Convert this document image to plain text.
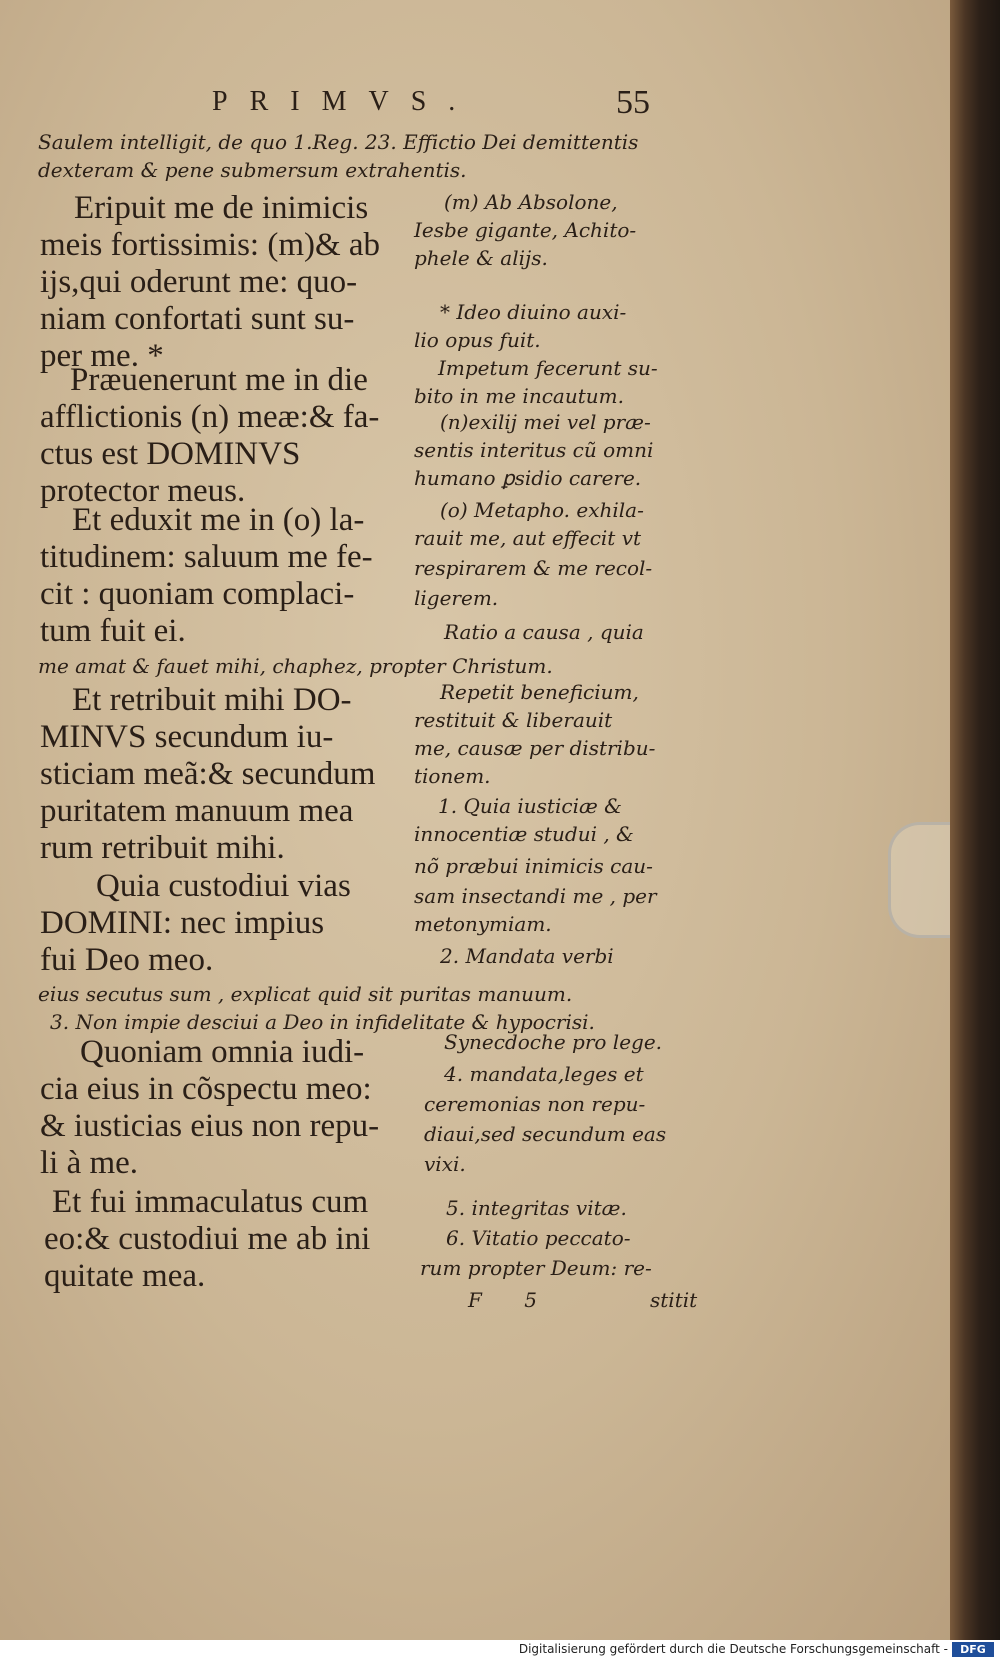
PRIMVS.	55
Saulem intelligit, de quo 1.Reg. 23. Effictio Dei demittentis
dexteram & pene submersum extrahentis.
Eripuit me de inimicis
meis fortissimis: (m)& ab
ijs,qui oderunt me: quo-
niam confortati sunt su-
per me. *
Præuenerunt me in die
afflictionis (n) meæ:& fa-
ctus est DOMINVS
protector meus.
Et eduxit me in (o) la-
titudinem: saluum me fe-
cit : quoniam complaci-
tum fuit ei.
me amat & fauet mihi, chaphez, propter Christum.
Et retribuit mihi DO-
MINVS secundum iu-
sticiam meã:& secundum
puritatem manuum mea
rum retribuit mihi.
Quia custodiui vias
DOMINI: nec impius
fui Deo meo.
eius secutus sum , explicat quid sit puritas manuum.
3. Non impie desciui a Deo in infidelitate & hypocrisi.
Quoniam omnia iudi-
cia eius in cõspectu meo:
& iusticias eius non repu-
li à me.
Et fui immaculatus cum
eo:& custodiui me ab ini
quitate mea.
(m) Ab Absolone,
Iesbe gigante, Achito-
phele & alijs.
* Ideo diuino auxi-
lio opus fuit.
Impetum fecerunt su-
bito in me incautum.
(n)exilij mei vel præ-
sentis interitus cũ omni
humano ꝑsidio carere.
(o) Metapho. exhila-
rauit me, aut effecit vt
respirarem & me recol-
ligerem.
Ratio a causa , quia
Repetit beneficium,
restituit & liberauit
me, causæ per distribu-
tionem.
1. Quia iusticiæ &
innocentiæ studui , &
nõ præbui inimicis cau-
sam insectandi me , per
metonymiam.
2. Mandata verbi
Synecdoche pro lege.
4. mandata,leges et
ceremonias non repu-
diaui,sed secundum eas
vixi.
5. integritas vitæ.
6. Vitatio peccato-
rum propter Deum: re-
F 5	stitit
Digitalisierung gefördert durch die Deutsche Forschungsgemeinschaft -	DFG
